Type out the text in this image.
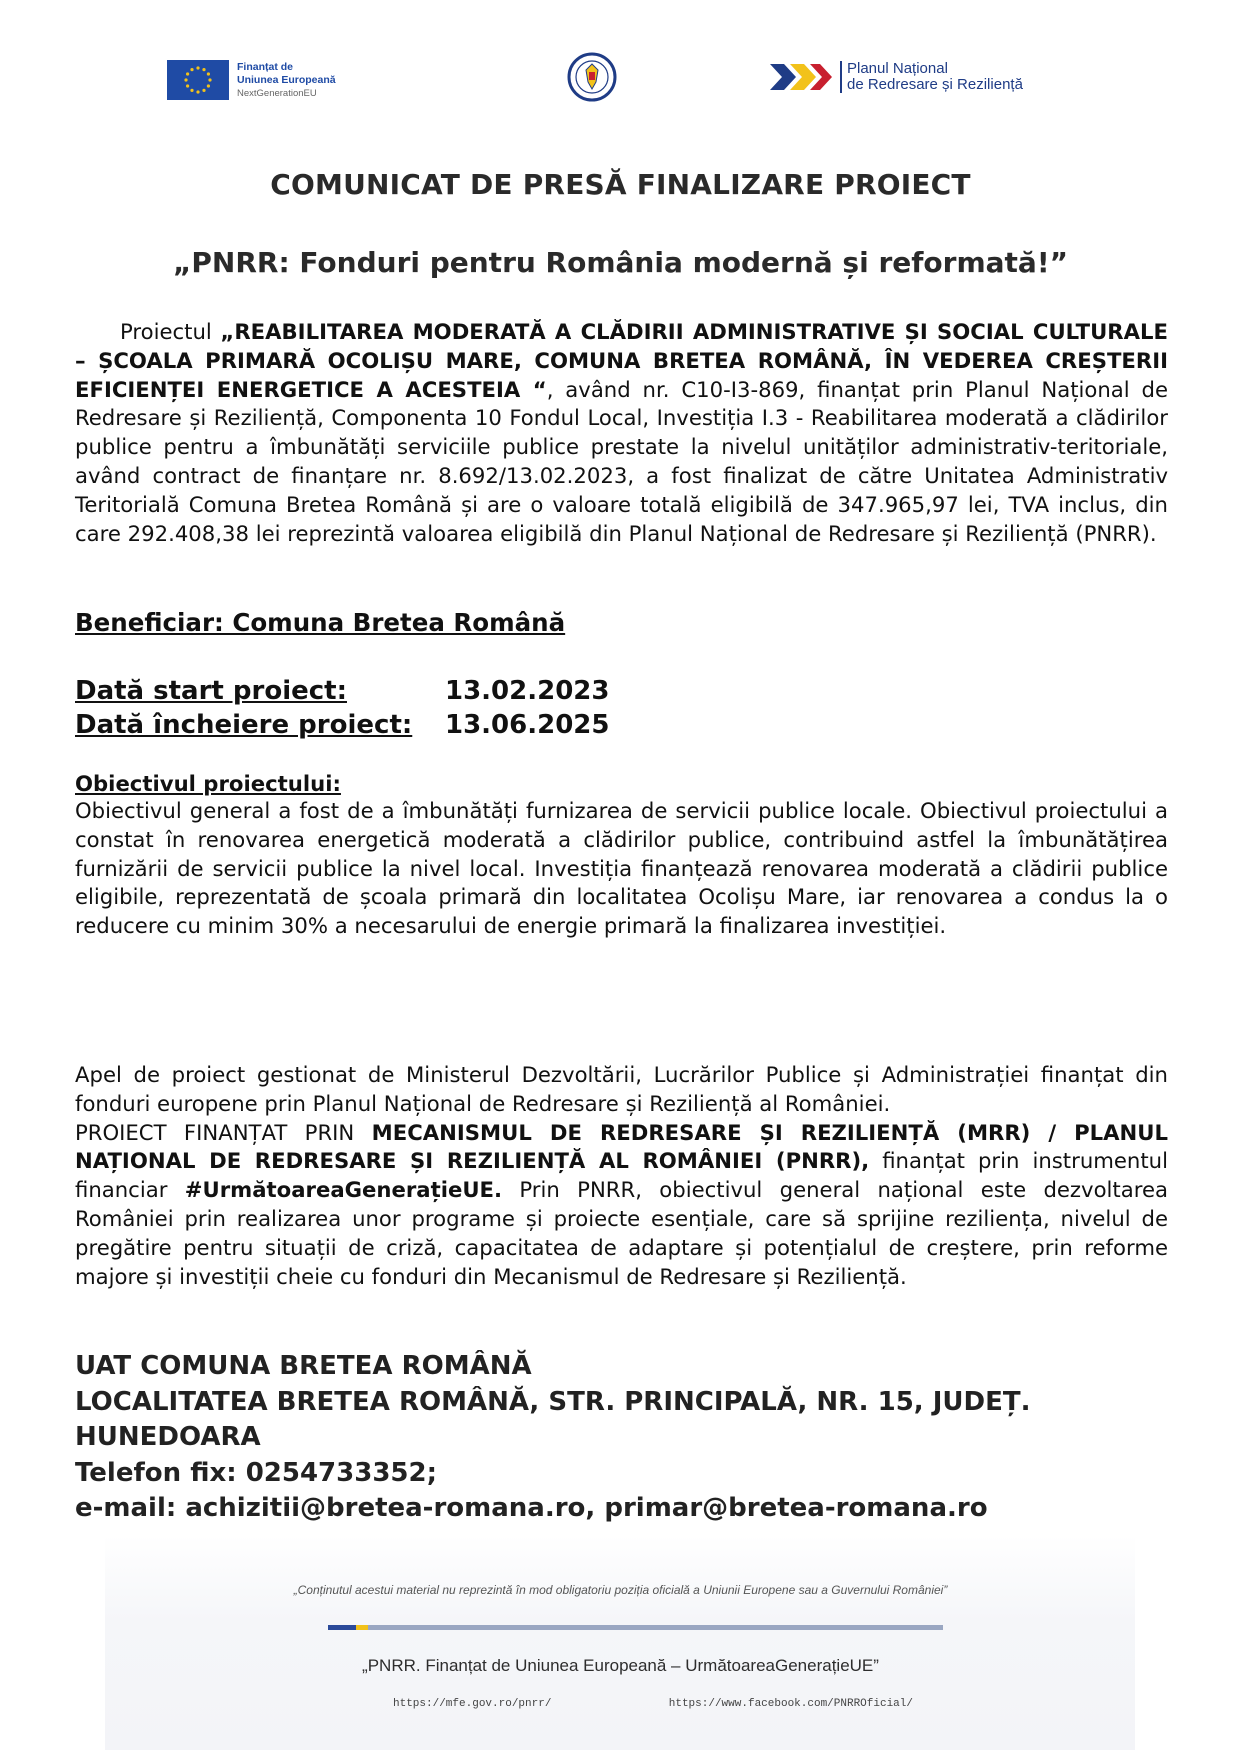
Finanțat de
Uniunea Europeană
NextGenerationEU
Planul Național
de Redresare și Reziliență
COMUNICAT DE PRESĂ FINALIZARE PROIECT
„PNRR: Fonduri pentru România modernă și reformată!”
Proiectul „REABILITAREA MODERATĂ A CLĂDIRII ADMINISTRATIVE ȘI SOCIAL CULTURALE – ȘCOALA PRIMARĂ OCOLIȘU MARE, COMUNA BRETEA ROMÂNĂ, ÎN VEDEREA CREȘTERII EFICIENȚEI ENERGETICE A ACESTEIA “, având nr. C10-I3-869, finanțat prin Planul Național de Redresare și Reziliență, Componenta 10 Fondul Local, Investiția I.3 - Reabilitarea moderată a clădirilor publice pentru a îmbunătăți serviciile publice prestate la nivelul unităților administrativ-teritoriale, având contract de finanțare nr. 8.692/13.02.2023, a fost finalizat de către Unitatea Administrativ Teritorială Comuna Bretea Română și are o valoare totală eligibilă de 347.965,97 lei, TVA inclus, din care 292.408,38 lei reprezintă valoarea eligibilă din Planul Național de Redresare și Reziliență (PNRR).
Beneficiar: Comuna Bretea Română
Dată start proiect:	13.02.2023
Dată încheiere proiect:	13.06.2025
Obiectivul proiectului:
Obiectivul general a fost de a îmbunătăți furnizarea de servicii publice locale. Obiectivul proiectului a constat în renovarea energetică moderată a clădirilor publice, contribuind astfel la îmbunătățirea furnizării de servicii publice la nivel local. Investiția finanțează renovarea moderată a clădirii publice eligibile, reprezentată de școala primară din localitatea Ocolișu Mare, iar renovarea a condus la o reducere cu minim 30% a necesarului de energie primară la finalizarea investiției.
Apel de proiect gestionat de Ministerul Dezvoltării, Lucrărilor Publice și Administrației finanțat din fonduri europene prin Planul Național de Redresare și Reziliență al României.
PROIECT FINANȚAT PRIN MECANISMUL DE REDRESARE ȘI REZILIENȚĂ (MRR) / PLANUL NAȚIONAL DE REDRESARE ȘI REZILIENȚĂ AL ROMÂNIEI (PNRR), finanțat prin instrumentul financiar #UrmătoareaGenerațieUE. Prin PNRR, obiectivul general național este dezvoltarea României prin realizarea unor programe și proiecte esențiale, care să sprijine reziliența, nivelul de pregătire pentru situații de criză, capacitatea de adaptare și potențialul de creștere, prin reforme majore și investiții cheie cu fonduri din Mecanismul de Redresare și Reziliență.
UAT COMUNA BRETEA ROMÂNĂ
LOCALITATEA BRETEA ROMÂNĂ, STR. PRINCIPALĂ, NR. 15, JUDEȚ. HUNEDOARA
Telefon fix: 0254733352;
e-mail: achizitii@bretea-romana.ro, primar@bretea-romana.ro
„Conținutul acestui material nu reprezintă în mod obligatoriu poziția oficială a Uniunii Europene sau a Guvernului României”
„PNRR. Finanțat de Uniunea Europeană – UrmătoareaGenerațieUE”
https://mfe.gov.ro/pnrr/	https://www.facebook.com/PNRROficial/
